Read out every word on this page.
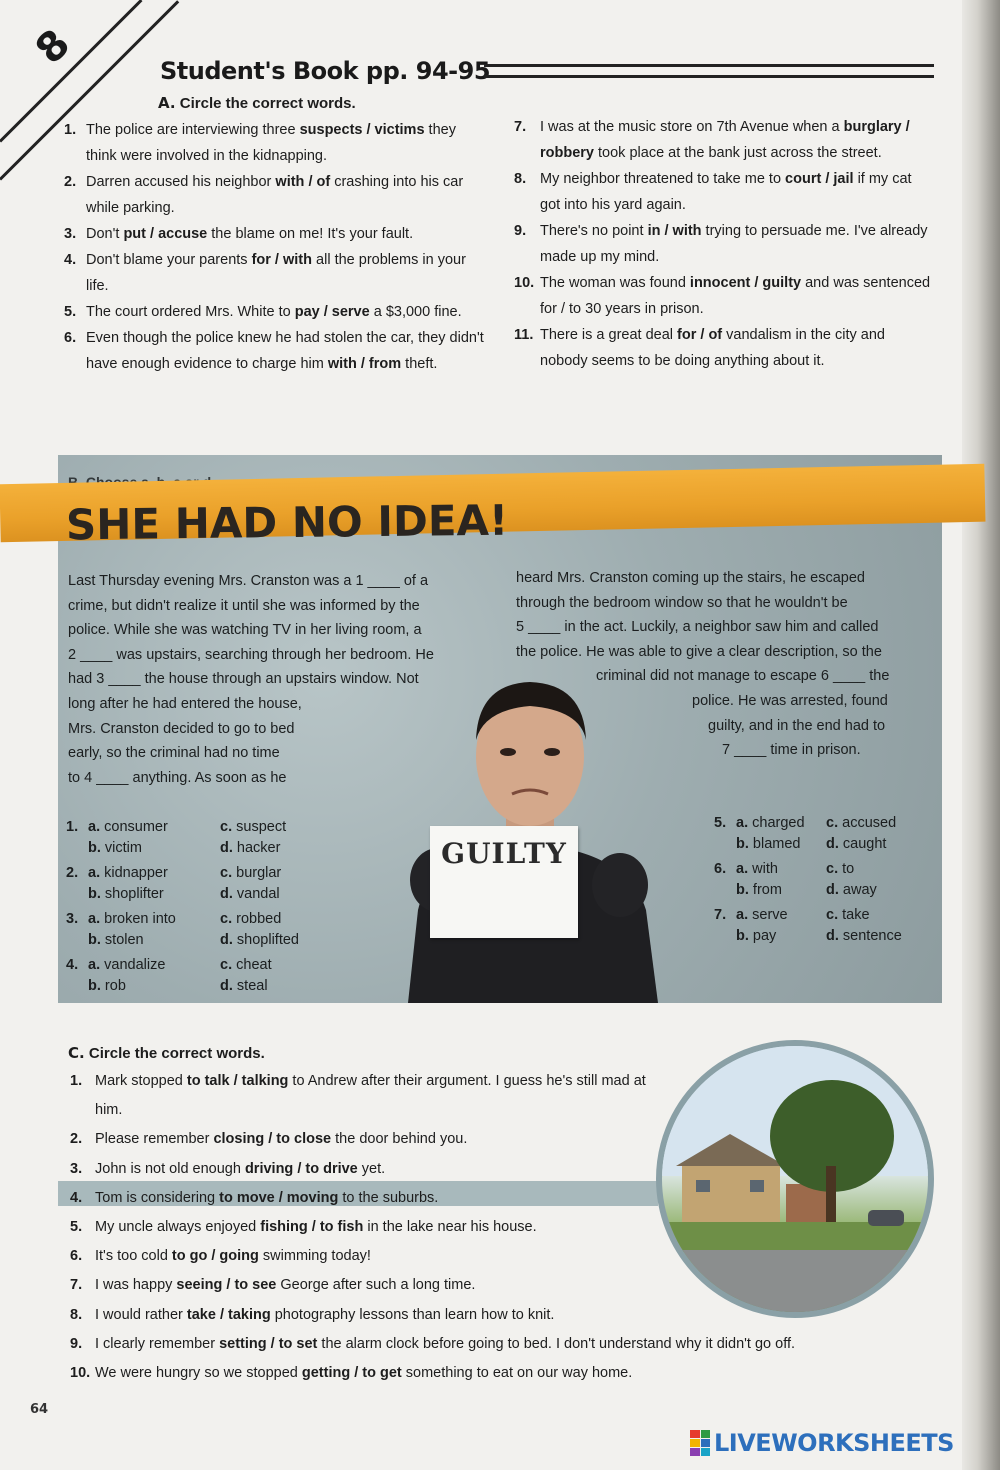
8	Student's Book pp. 94-95
A. Circle the correct words.
1. The police are interviewing three suspects / victims they think were involved in the kidnapping.
2. Darren accused his neighbor with / of crashing into his car while parking.
3. Don't put / accuse the blame on me! It's your fault.
4. Don't blame your parents for / with all the problems in your life.
5. The court ordered Mrs. White to pay / serve a $3,000 fine.
6. Even though the police knew he had stolen the car, they didn't have enough evidence to charge him with / from theft.
7. I was at the music store on 7th Avenue when a burglary / robbery took place at the bank just across the street.
8. My neighbor threatened to take me to court / jail if my cat got into his yard again.
9. There's no point in / with trying to persuade me. I've already made up my mind.
10. The woman was found innocent / guilty and was sentenced for / to 30 years in prison.
11. There is a great deal for / of vandalism in the city and nobody seems to be doing anything about it.
SHE HAD NO IDEA!
Last Thursday evening Mrs. Cranston was a 1 ____ of a
crime, but didn't realize it until she was informed by the
police. While she was watching TV in her living room, a
2 ____ was upstairs, searching through her bedroom. He
had 3 ____ the house through an upstairs window. Not
long after he had entered the house,
Mrs. Cranston decided to go to bed
early, so the criminal had no time
to 4 ____ anything. As soon as he
heard Mrs. Cranston coming up the stairs, he escaped
through the bedroom window so that he wouldn't be
5 ____ in the act. Luckily, a neighbor saw him and called
the police. He was able to give a clear description, so the
criminal did not manage to escape 6 ____ the
police. He was arrested, found
guilty, and in the end had to
7 ____ time in prison.
GUILTY
1. a. consumer	c. suspect
b. victim	d. hacker
2. a. kidnapper	c. burglar
b. shoplifter	d. vandal
3. a. broken into	c. robbed
b. stolen	d. shoplifted
4. a. vandalize	c. cheat
b. rob	d. steal
5. a. charged	c. accused
b. blamed	d. caught
6. a. with	c. to
b. from	d. away
7. a. serve	c. take
b. pay	d. sentence
C. Circle the correct words.
1. Mark stopped to talk / talking to Andrew after their argument. I guess he's still mad at him.
2. Please remember closing / to close the door behind you.
3. John is not old enough driving / to drive yet.
4. Tom is considering to move / moving to the suburbs.
5. My uncle always enjoyed fishing / to fish in the lake near his house.
6. It's too cold to go / going swimming today!
7. I was happy seeing / to see George after such a long time.
8. I would rather take / taking photography lessons than learn how to knit.
9. I clearly remember setting / to set the alarm clock before going to bed. I don't understand why it didn't go off.
10. We were hungry so we stopped getting / to get something to eat on our way home.
64
LIVEWORKSHEETS
